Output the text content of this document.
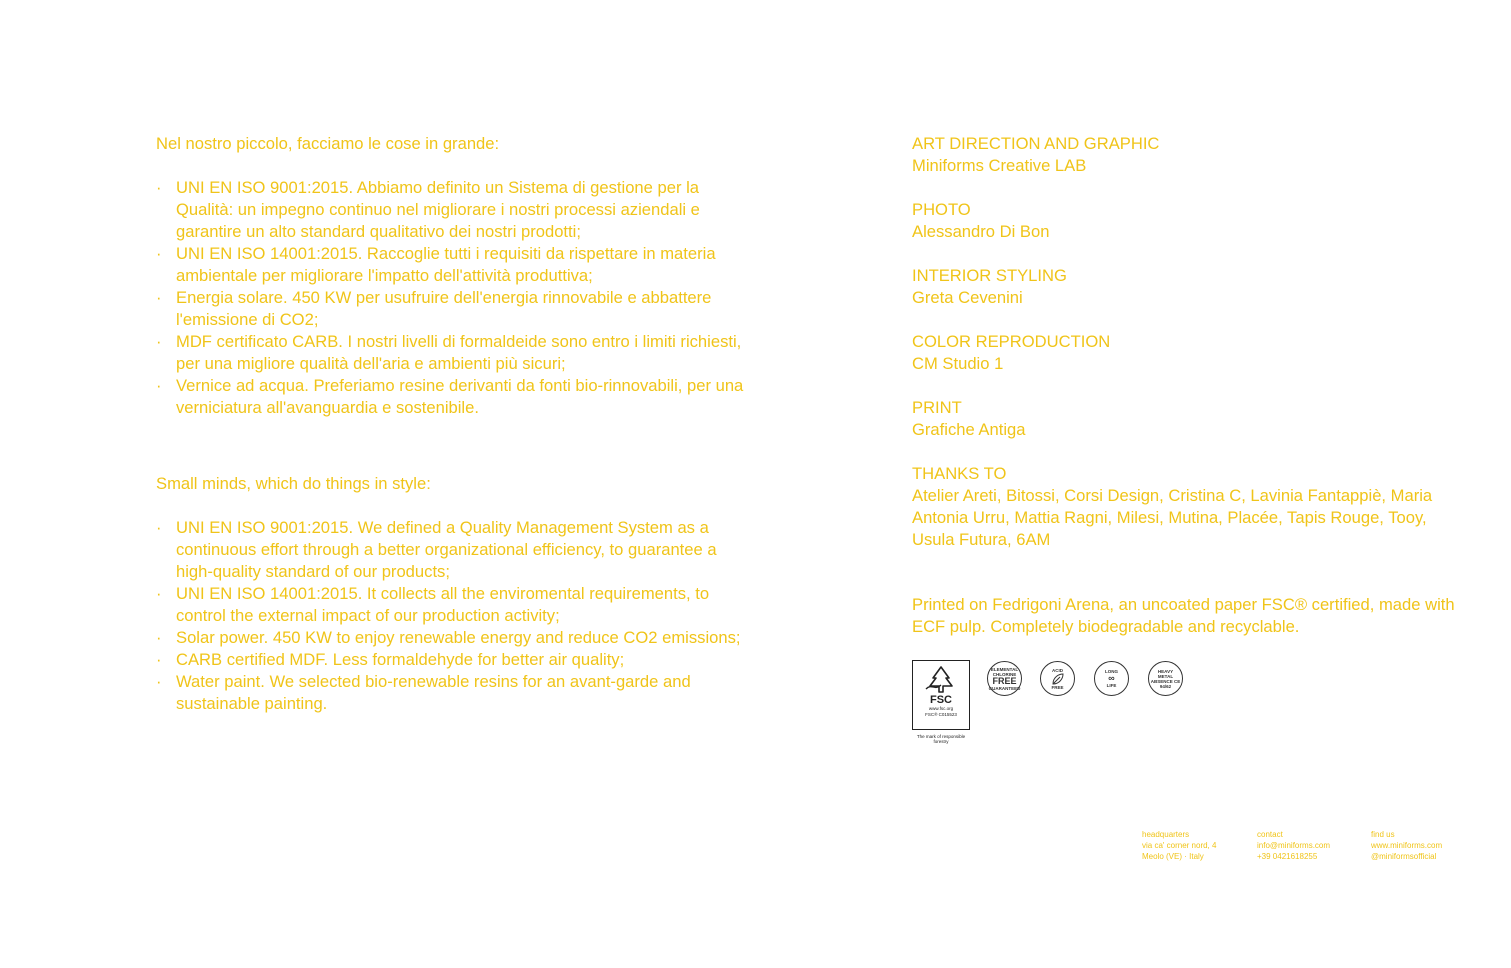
Nel nostro piccolo, facciamo le cose in grande:

· UNI EN ISO 9001:2015. Abbiamo definito un Sistema di gestione per la Qualità: un impegno continuo nel migliorare i nostri processi aziendali e garantire un alto standard qualitativo dei nostri prodotti;
· UNI EN ISO 14001:2015. Raccoglie tutti i requisiti da rispettare in materia ambientale per migliorare l'impatto dell'attività produttiva;
· Energia solare. 450 KW per usufruire dell'energia rinnovabile e abbattere l'emissione di CO2;
· MDF certificato CARB. I nostri livelli di formaldeide sono entro i limiti richiesti, per una migliore qualità dell'aria e ambienti più sicuri;
· Vernice ad acqua. Preferiamo resine derivanti da fonti bio-rinnovabili, per una verniciatura all'avanguardia e sostenibile.

Small minds, which do things in style:

· UNI EN ISO 9001:2015. We defined a Quality Management System as a continuous effort through a better organizational efficiency, to guarantee a high-quality standard of our products;
· UNI EN ISO 14001:2015. It collects all the enviromental requirements, to control the external impact of our production activity;
· Solar power. 450 KW to enjoy renewable energy and reduce CO2 emissions;
· CARB certified MDF. Less formaldehyde for better air quality;
· Water paint. We selected bio-renewable resins for an avant-garde and sustainable painting.
ART DIRECTION AND GRAPHIC
Miniforms Creative LAB
PHOTO
Alessandro Di Bon
INTERIOR STYLING
Greta Cevenini
COLOR REPRODUCTION
CM Studio 1
PRINT
Grafiche Antiga
THANKS TO
Atelier Areti, Bitossi, Corsi Design, Cristina C, Lavinia Fantappiè, Maria Antonia Urru, Mattia Ragni, Milesi, Mutina, Placée, Tapis Rouge, Tooy, Usula Futura, 6AM

Printed on Fedrigoni Arena, an uncoated paper FSC® certified, made with ECF pulp. Completely biodegradable and recyclable.

FSC
www.fsc.org
FSC® C015523
The mark of responsible forestry
ELEMENTAL
CHLORINE
FREE
GUARANTEED
ACID
FREE
LONG
∞
LIFE
HEAVY
METAL
ABSENCE CE 94/62
headquarters
via ca' corner nord, 4
Meolo (VE) · Italy
contact
info@miniforms.com
+39 0421618255
find us
www.miniforms.com
@miniformsofficial
